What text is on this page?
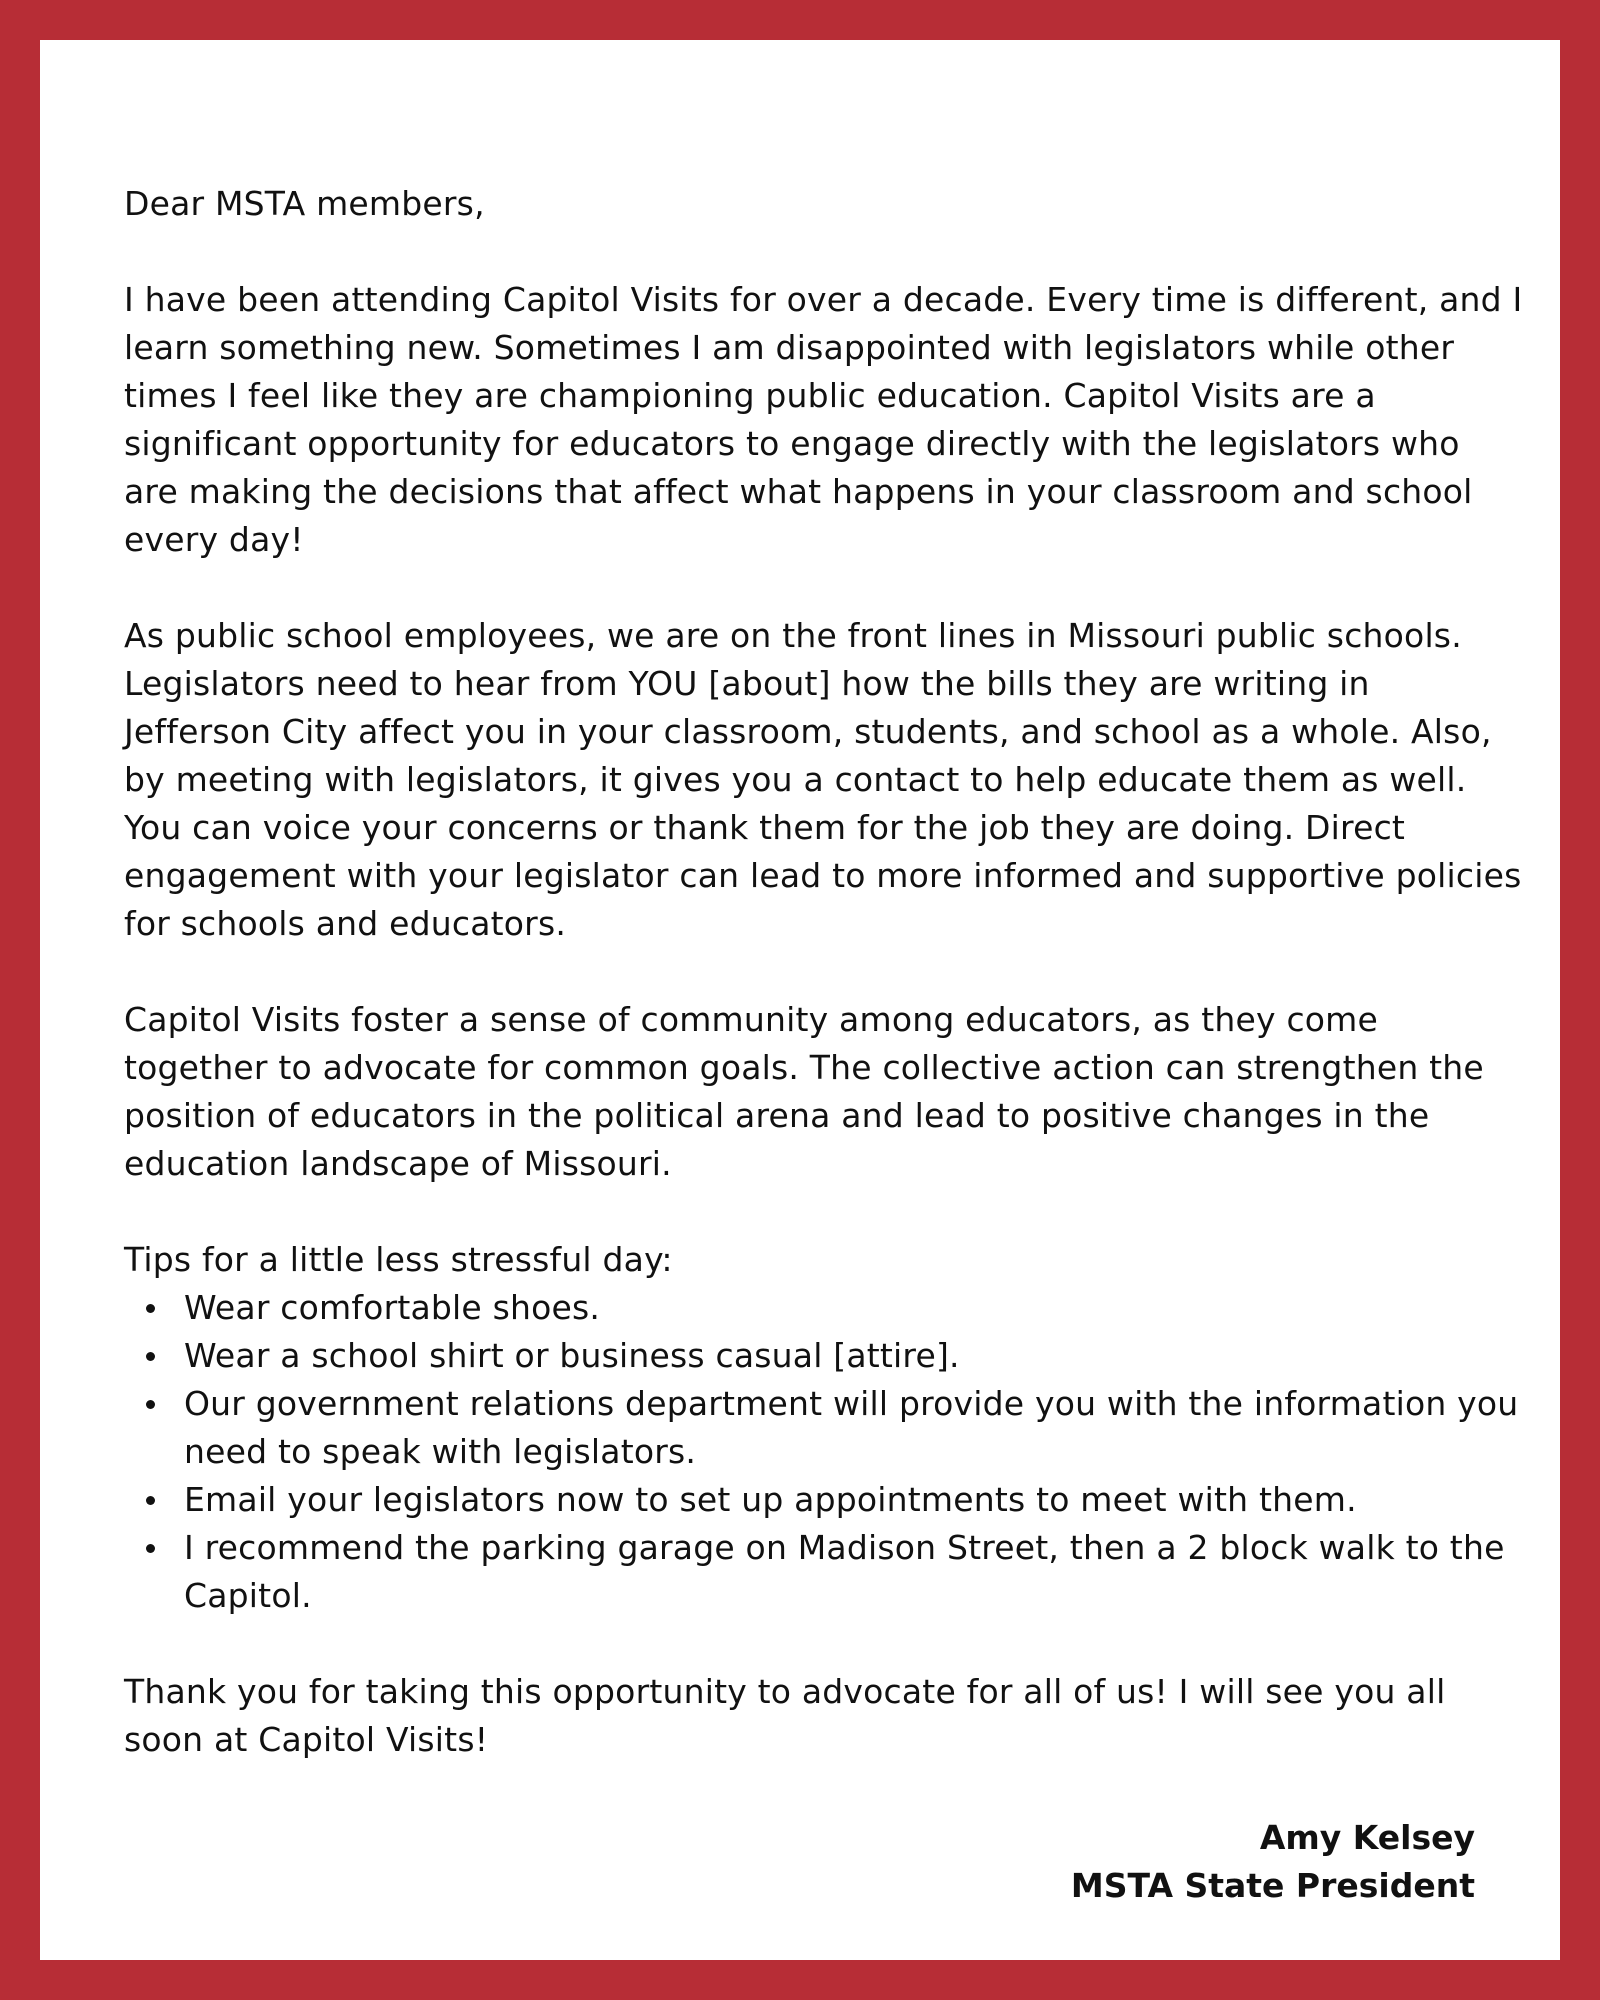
Dear MSTA members,

I have been attending Capitol Visits for over a decade. Every time is different, and I learn something new. Sometimes I am disappointed with legislators while other times I feel like they are championing public education. Capitol Visits are a significant opportunity for educators to engage directly with the legislators who are making the decisions that affect what happens in your classroom and school every day!

As public school employees, we are on the front lines in Missouri public schools. Legislators need to hear from YOU [about] how the bills they are writing in Jefferson City affect you in your classroom, students, and school as a whole. Also, by meeting with legislators, it gives you a contact to help educate them as well. You can voice your concerns or thank them for the job they are doing. Direct engagement with your legislator can lead to more informed and supportive policies for schools and educators.

Capitol Visits foster a sense of community among educators, as they come together to advocate for common goals. The collective action can strengthen the position of educators in the political arena and lead to positive changes in the education landscape of Missouri.

Tips for a little less stressful day:

Wear comfortable shoes.
Wear a school shirt or business casual [attire].
Our government relations department will provide you with the information you need to speak with legislators.
Email your legislators now to set up appointments to meet with them.
I recommend the parking garage on Madison Street, then a 2 block walk to the Capitol.

Thank you for taking this opportunity to advocate for all of us! I will see you all soon at Capitol Visits!

Amy Kelsey
MSTA State President
